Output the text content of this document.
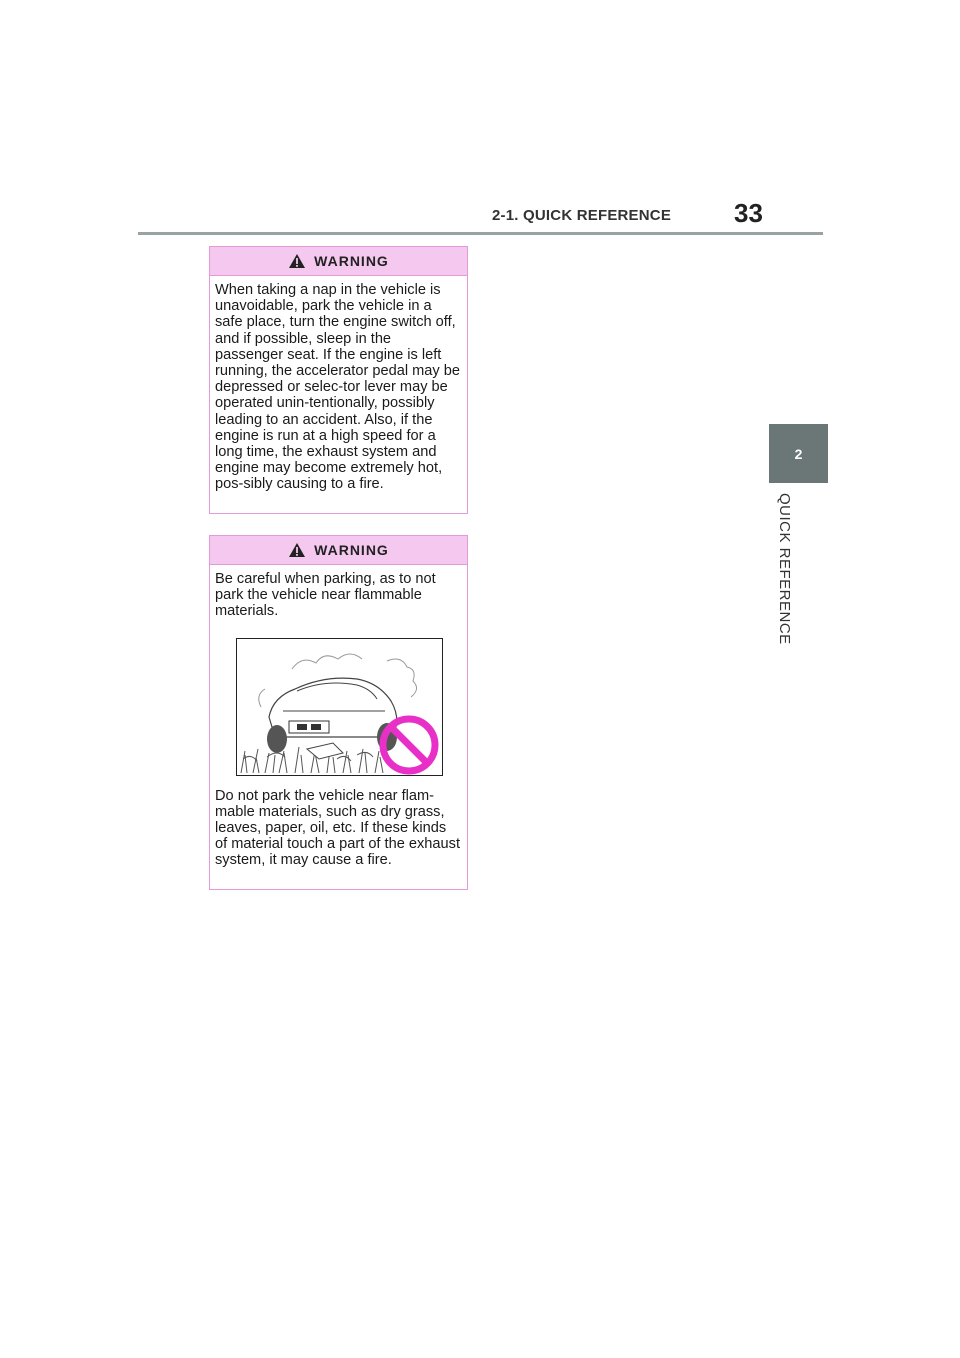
2-1. QUICK REFERENCE 33
2
QUICK REFERENCE
WARNING

When taking a nap in the vehicle is unavoidable, park the vehicle in a safe place, turn the engine switch off, and if possible, sleep in the passenger seat. If the engine is left running, the accelerator pedal may be depressed or selec-tor lever may be operated unin-tentionally, possibly leading to an accident. Also, if the engine is run at a high speed for a long time, the exhaust system and engine may become extremely hot, pos-sibly causing to a fire.

WARNING

Be careful when parking, as to not park the vehicle near flammable materials.

Do not park the vehicle near flam-mable materials, such as dry grass, leaves, paper, oil, etc. If these kinds of material touch a part of the exhaust system, it may cause a fire.
